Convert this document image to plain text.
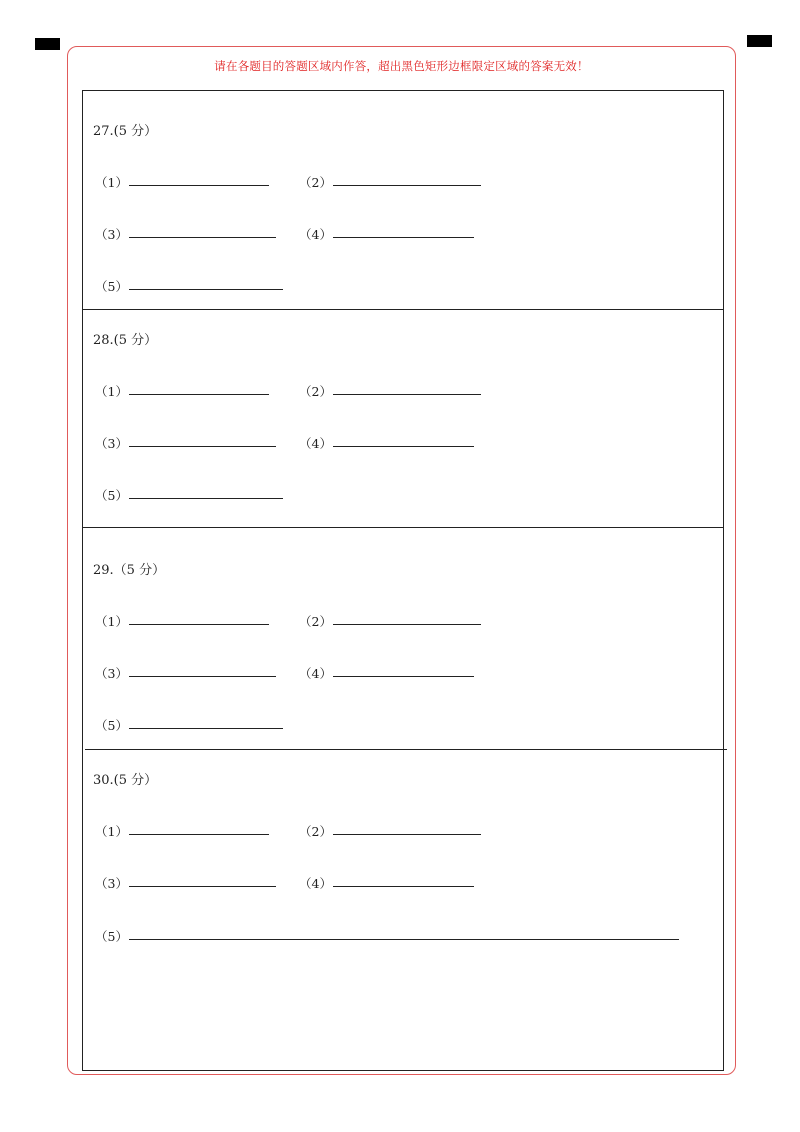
请在各题目的答题区域内作答，超出黑色矩形边框限定区域的答案无效！
27.(5 分）
（1）	（2）
（3）	（4）
（5）
28.(5 分）
（1）	（2）
（3）	（4）
（5）
29.（5 分）
（1）	（2）
（3）	（4）
（5）
30.(5 分）
（1）	（2）
（3）	（4）
（5）
